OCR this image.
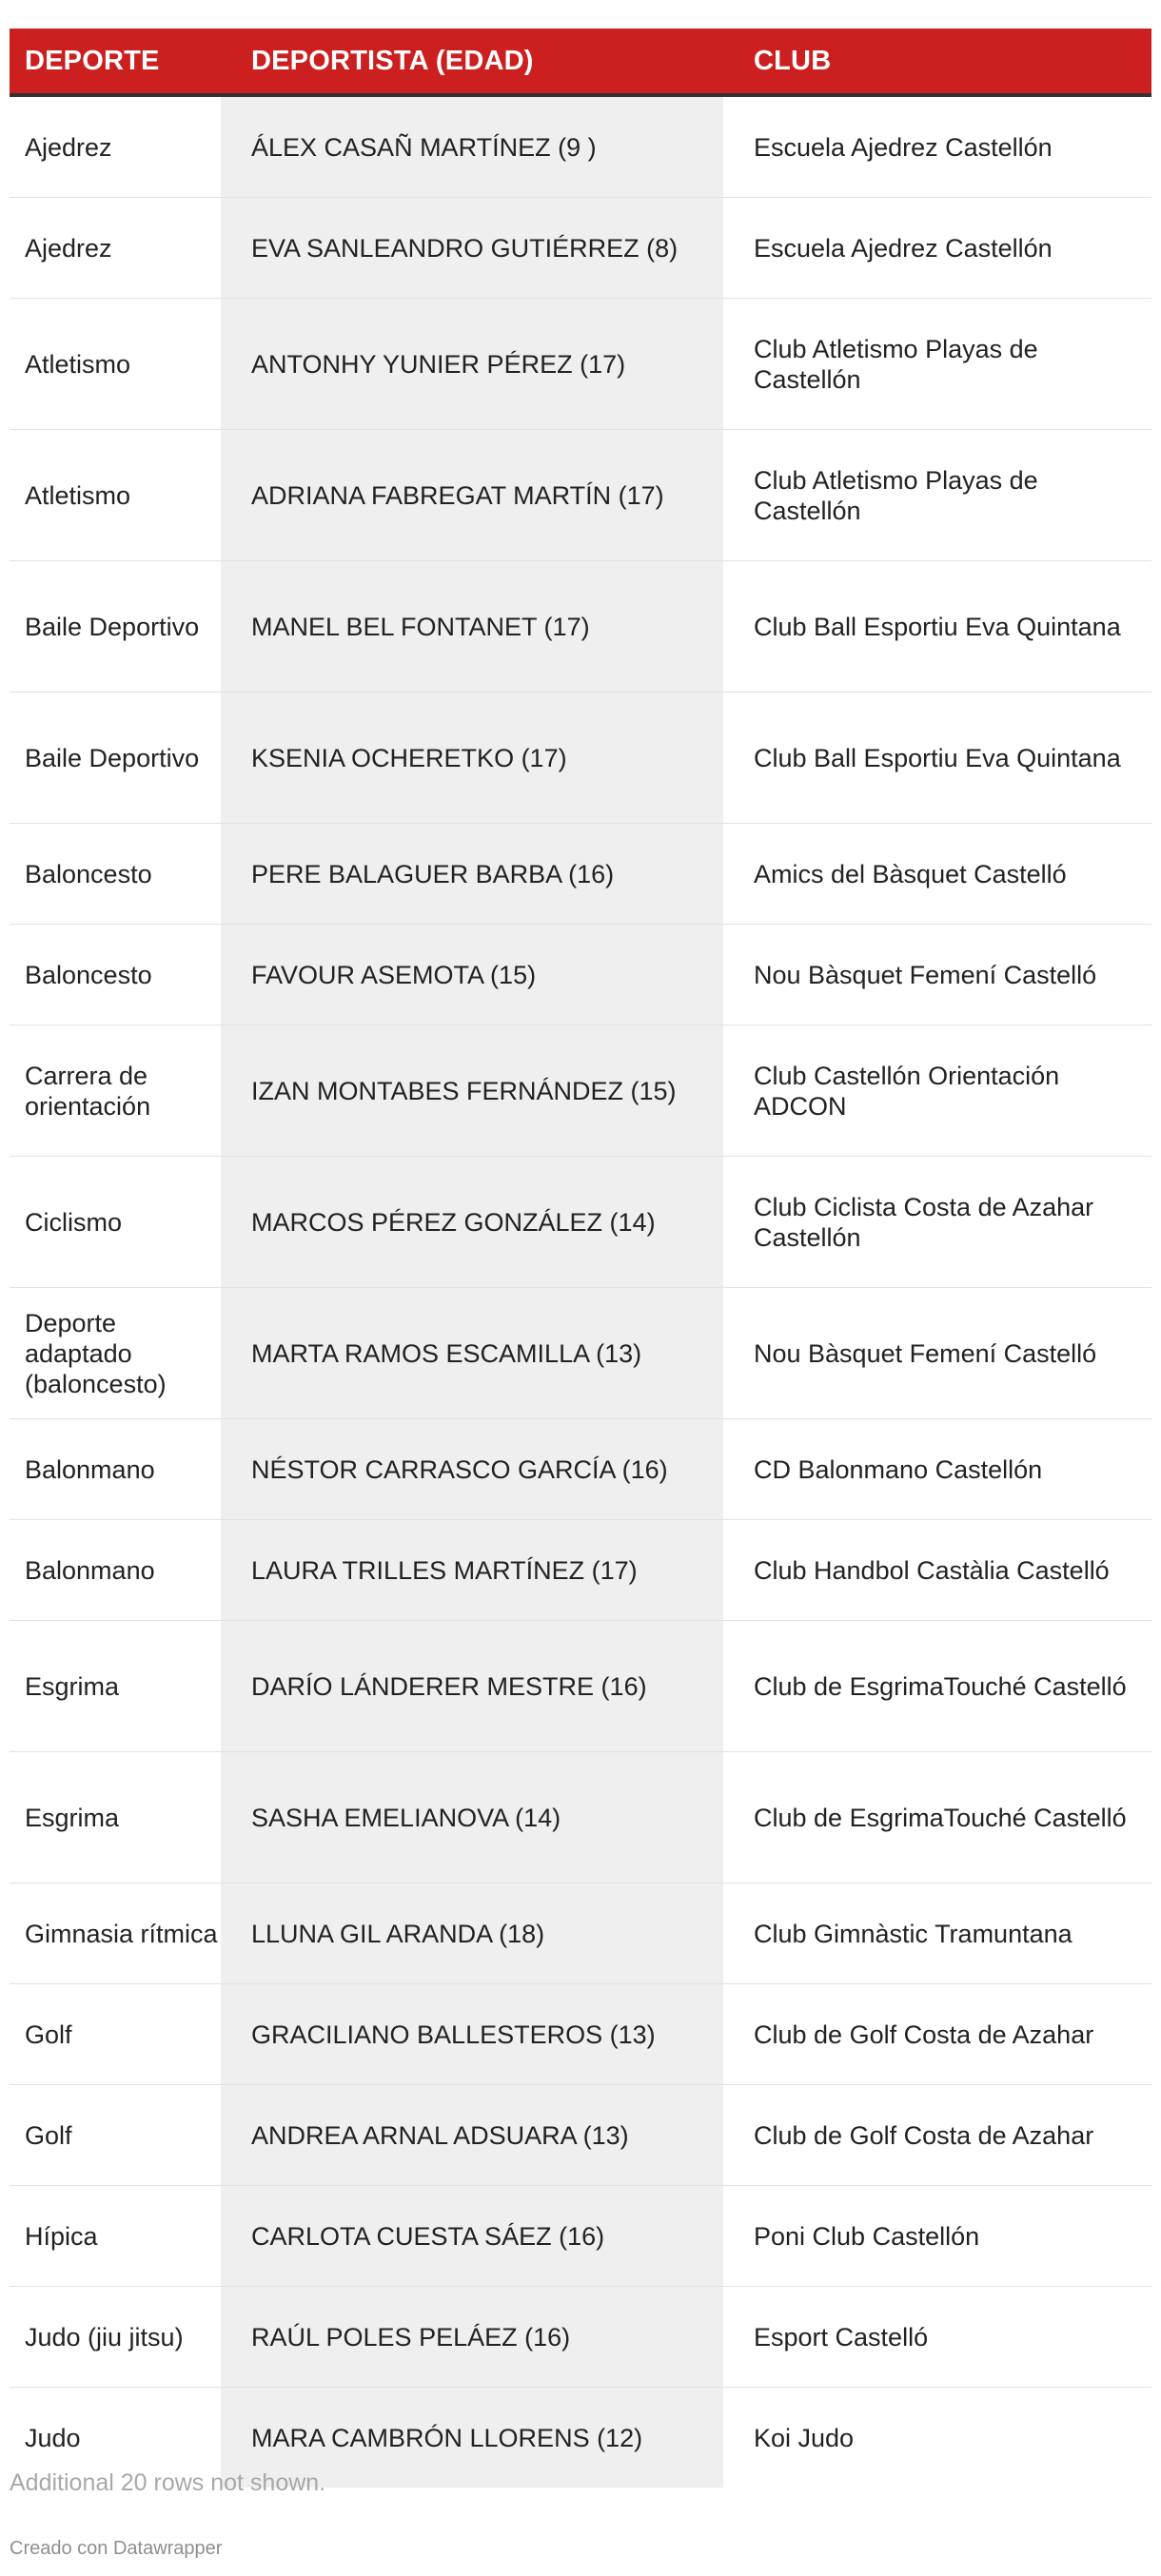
DEPORTE	DEPORTISTA (EDAD)	CLUB
Ajedrez	ÁLEX CASAÑ MARTÍNEZ (9 )	Escuela Ajedrez Castellón
Ajedrez	EVA SANLEANDRO GUTIÉRREZ (8)	Escuela Ajedrez Castellón
Atletismo	ANTONHY YUNIER PÉREZ (17)	Club Atletismo Playas de Castellón
Atletismo	ADRIANA FABREGAT MARTÍN (17)	Club Atletismo Playas de Castellón
Baile Deportivo	MANEL BEL FONTANET (17)	Club Ball Esportiu Eva Quintana
Baile Deportivo	KSENIA OCHERETKO (17)	Club Ball Esportiu Eva Quintana
Baloncesto	PERE BALAGUER BARBA (16)	Amics del Bàsquet Castelló
Baloncesto	FAVOUR ASEMOTA (15)	Nou Bàsquet Femení Castelló
Carrera de orientación	IZAN MONTABES FERNÁNDEZ (15)	Club Castellón Orientación ADCON
Ciclismo	MARCOS PÉREZ GONZÁLEZ (14)	Club Ciclista Costa de Azahar Castellón
Deporte adaptado (baloncesto)	MARTA RAMOS ESCAMILLA (13)	Nou Bàsquet Femení Castelló
Balonmano	NÉSTOR CARRASCO GARCÍA (16)	CD Balonmano Castellón
Balonmano	LAURA TRILLES MARTÍNEZ (17)	Club Handbol Castàlia Castelló
Esgrima	DARÍO LÁNDERER MESTRE (16)	Club de EsgrimaTouché Castelló
Esgrima	SASHA EMELIANOVA (14)	Club de EsgrimaTouché Castelló
Gimnasia rítmica	LLUNA GIL ARANDA (18)	Club Gimnàstic Tramuntana
Golf	GRACILIANO BALLESTEROS (13)	Club de Golf Costa de Azahar
Golf	ANDREA ARNAL ADSUARA (13)	Club de Golf Costa de Azahar
Hípica	CARLOTA CUESTA SÁEZ (16)	Poni Club Castellón
Judo (jiu jitsu)	RAÚL POLES PELÁEZ (16)	Esport Castelló
Judo	MARA CAMBRÓN LLORENS (12)	Koi Judo
Additional 20 rows not shown.
Creado con Datawrapper
